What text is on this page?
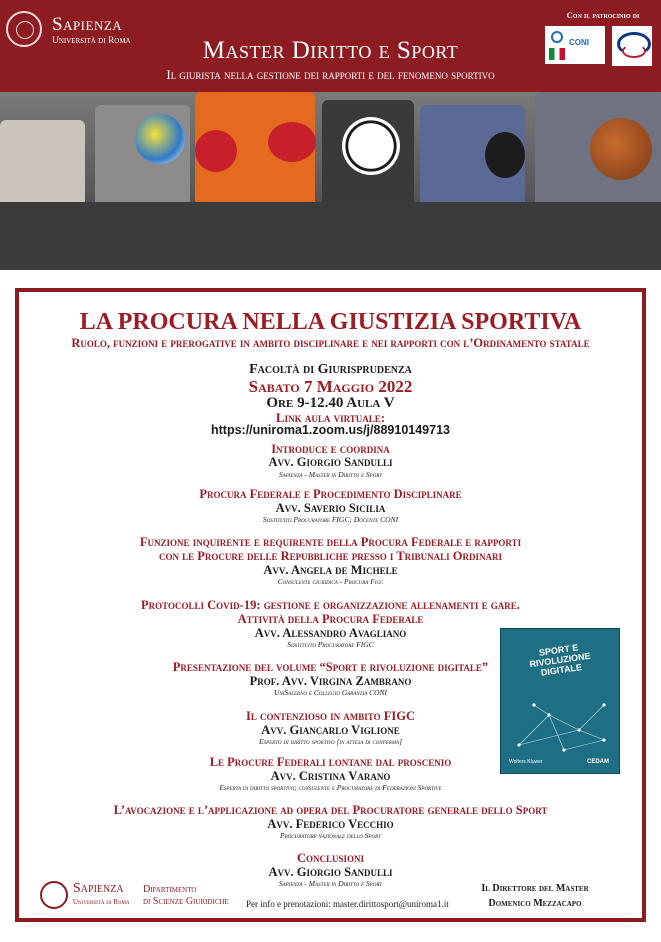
Sapienza
Università di Roma	Master Diritto e Sport
Il giurista nella gestione dei rapporti e del fenomeno sportivo
Con il patrocinio di
CONI
LA PROCURA NELLA GIUSTIZIA SPORTIVA
Ruolo, funzioni e prerogative in ambito disciplinare e nei rapporti con l’Ordinamento statale
Facoltà di Giurisprudenza
Sabato 7 Maggio 2022
Ore 9-12.40 Aula V
Link aula virtuale:
https://uniroma1.zoom.us/j/88910149713
Introduce e coordina
Avv. Giorgio Sandulli
Sapienza - Master in Diritto e Sport
Procura Federale e Procedimento Disciplinare
Avv. Saverio Sicilia
Sostituito Procuratore FIGC; Docente CONI
Funzione inquirente e requirente della Procura Federale e rapporti
con le Procure delle Repubbliche presso i Tribunali Ordinari
Avv. Angela de Michele
Consulente giuridica - Procura Figc
Protocolli Covid-19: gestione e organizzazione allenamenti e gare.
Attività della Procura Federale
Avv. Alessandro Avagliano
Sostituito Procuratore FIGC
Presentazione del volume “Sport e rivoluzione digitale”
Prof. Avv. Virgina Zambrano
UniSalerno e Collegio Garanzia CONI
Il contenzioso in ambito FIGC
Avv. Giancarlo Viglione
Esperto di diritto sportivo [in attesa di conferma]
Le Procure Federali lontane dal proscenio
Avv. Cristina Varano
Esperta di diritto sportivo; consulente e Procuratore di Federazioni Sportive
L’avocazione e l’applicazione ad opera del Procuratore generale dello Sport
Avv. Federico Vecchio
Procuratore nazionale dello Sport
Conclusioni
Avv. Giorgio Sandulli
Sapienza - Master in Diritto e Sport
SPORT E RIVOLUZIONE DIGITALE
Wolters Kluwer	CEDAM
Sapienza
Università di Roma
Dipartimento
di Scienze Giuridiche Per info e prenotazioni: master.dirittosport@uniroma1.it
Il Direttore del Master
Domenico Mezzacapo
